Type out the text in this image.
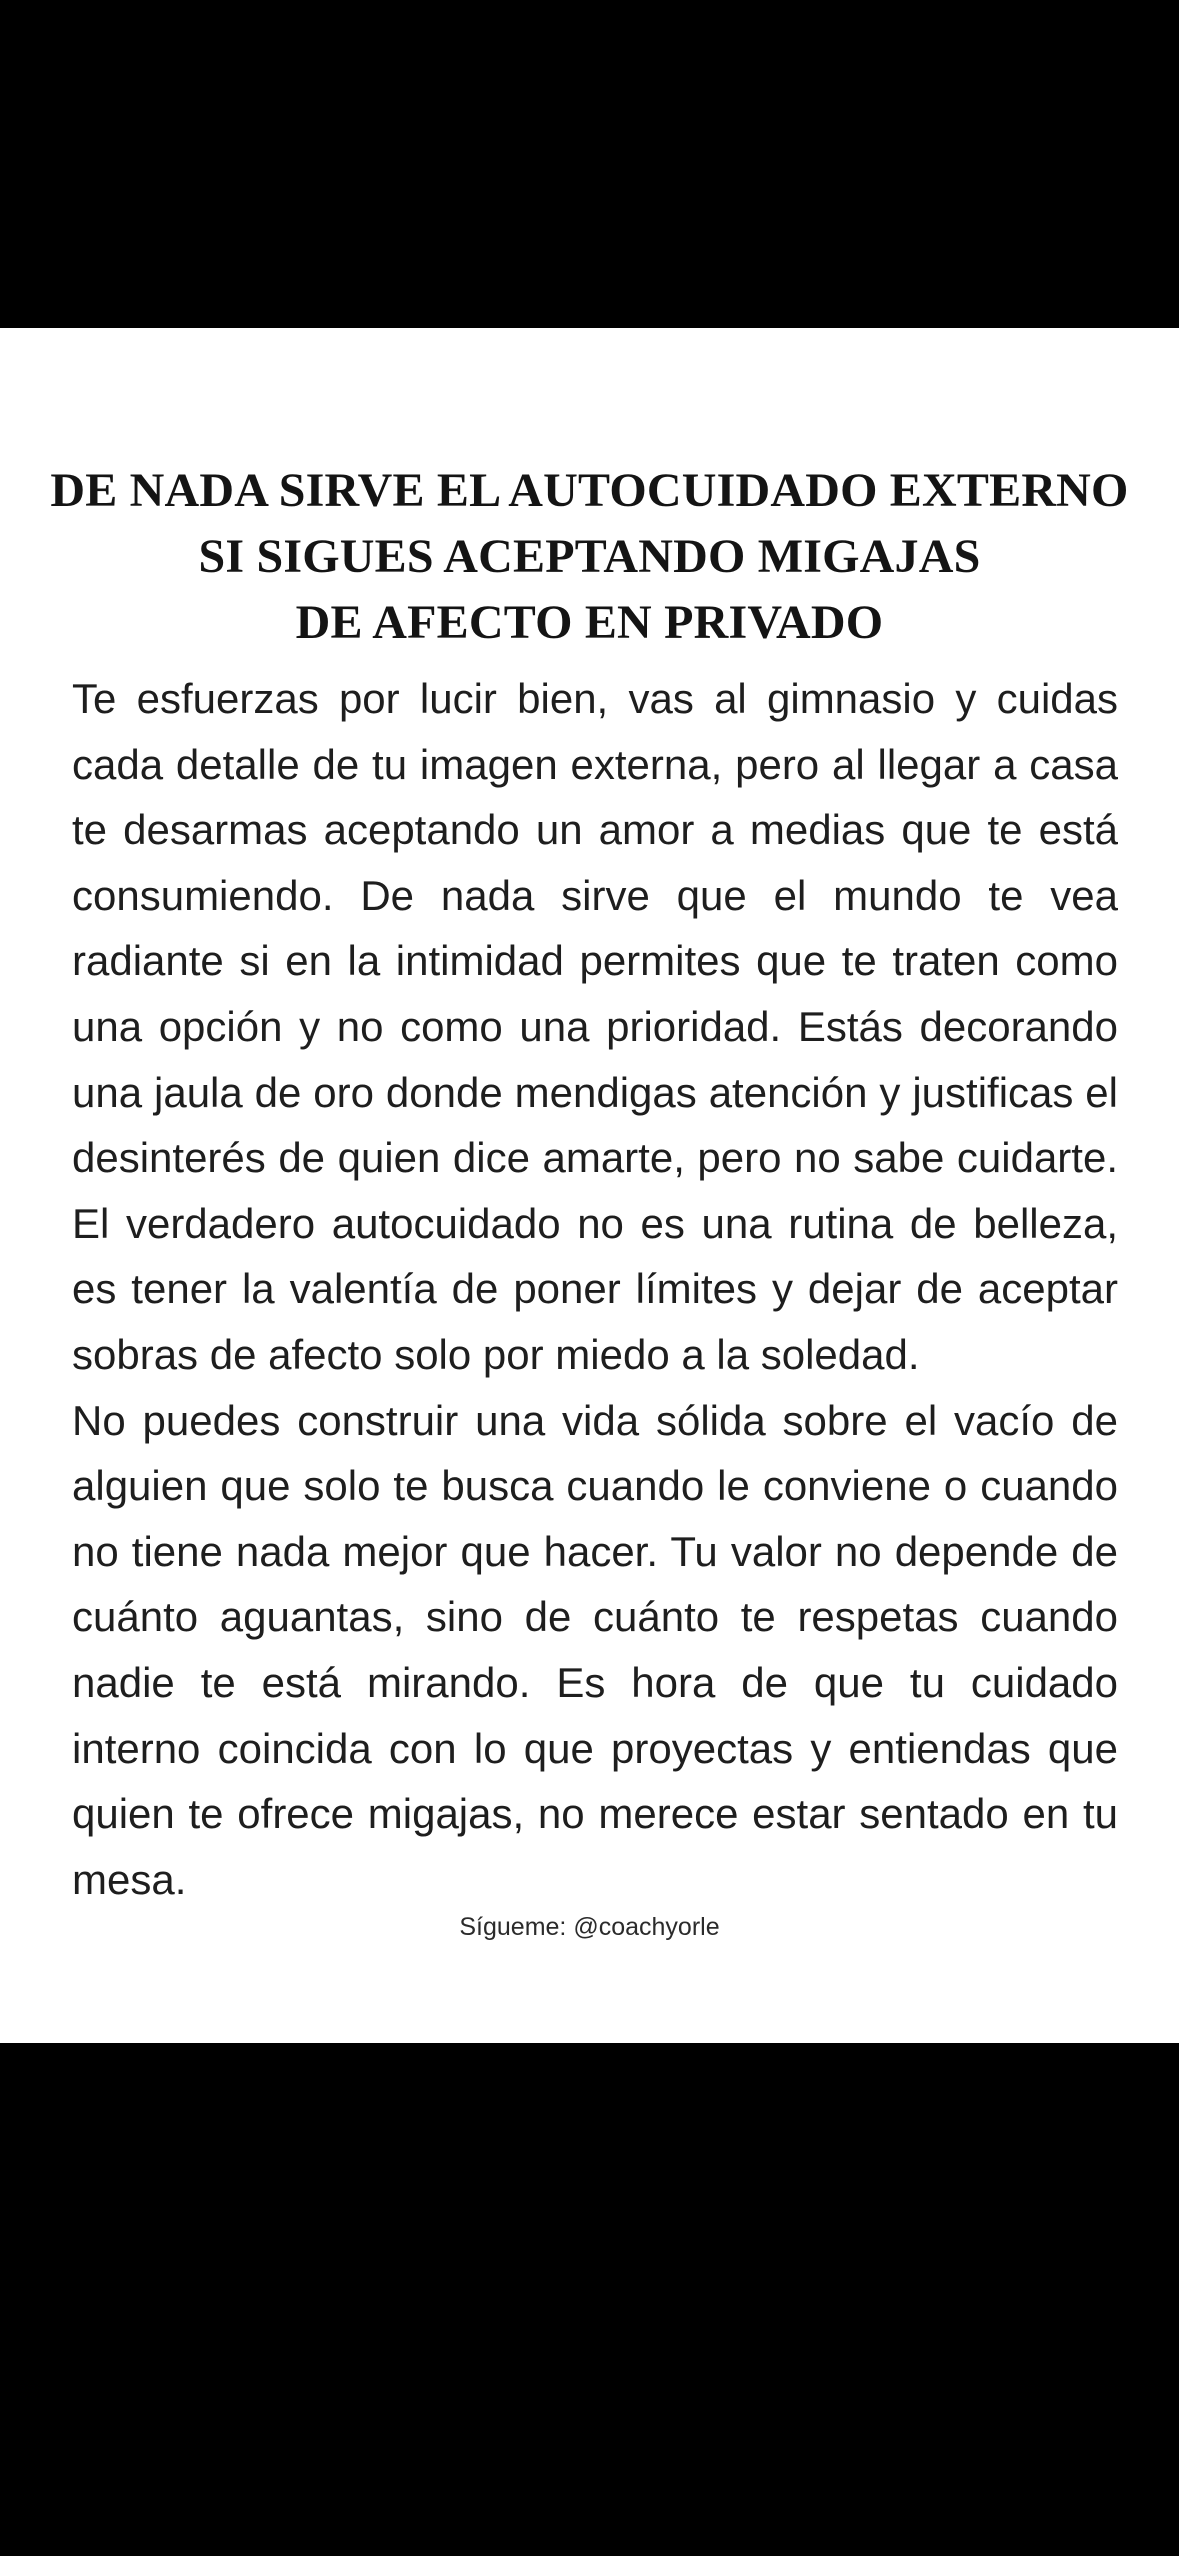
DE NADA SIRVE EL AUTOCUIDADO EXTERNO
SI SIGUES ACEPTANDO MIGAJAS
DE AFECTO EN PRIVADO

Te esfuerzas por lucir bien, vas al gimnasio y cuidas cada detalle de tu imagen externa, pero al llegar a casa te desarmas aceptando un amor a medias que te está consumiendo. De nada sirve que el mundo te vea radiante si en la intimidad permites que te traten como una opción y no como una prioridad. Estás decorando una jaula de oro donde mendigas atención y justificas el desinterés de quien dice amarte, pero no sabe cuidarte. El verdadero autocuidado no es una rutina de belleza, es tener la valentía de poner límites y dejar de aceptar sobras de afecto solo por miedo a la soledad.

No puedes construir una vida sólida sobre el vacío de alguien que solo te busca cuando le conviene o cuando no tiene nada mejor que hacer. Tu valor no depende de cuánto aguantas, sino de cuánto te respetas cuando nadie te está mirando. Es hora de que tu cuidado interno coincida con lo que proyectas y entiendas que quien te ofrece migajas, no merece estar sentado en tu mesa.

Sígueme: @coachyorle
